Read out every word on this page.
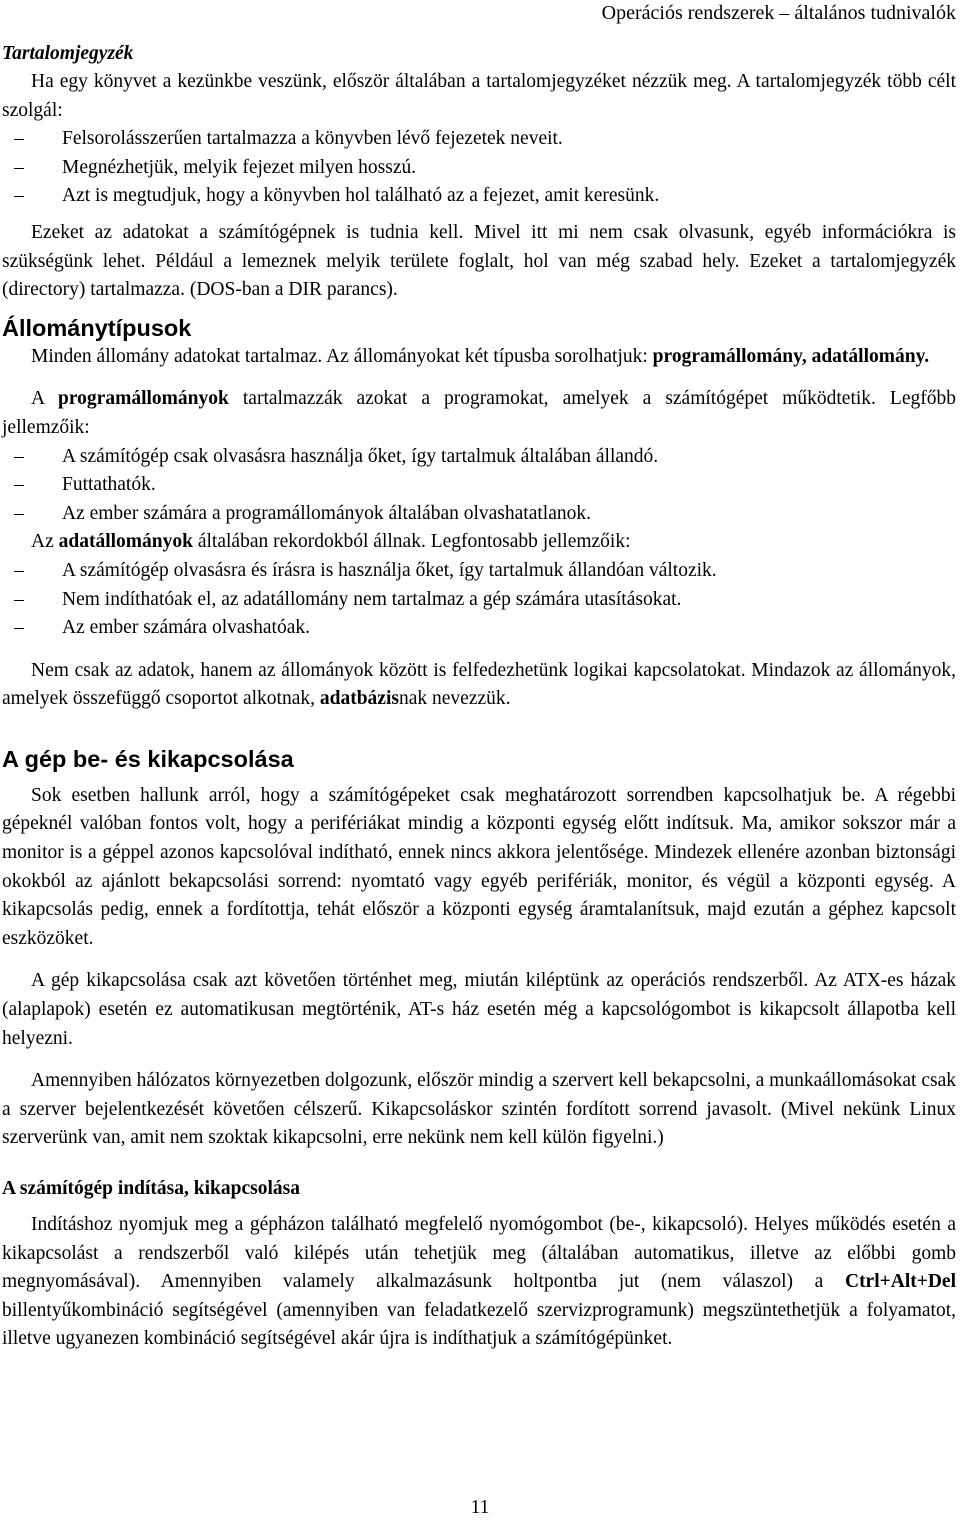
Operációs rendszerek – általános tudnivalók
Tartalomjegyzék

Ha egy könyvet a kezünkbe veszünk, először általában a tartalomjegyzéket nézzük meg. A tartalomjegyzék több célt szolgál:

–	Felsorolásszerűen tartalmazza a könyvben lévő fejezetek neveit.
–	Megnézhetjük, melyik fejezet milyen hosszú.
–	Azt is megtudjuk, hogy a könyvben hol található az a fejezet, amit keresünk.

Ezeket az adatokat a számítógépnek is tudnia kell. Mivel itt mi nem csak olvasunk, egyéb információkra is szükségünk lehet. Például a lemeznek melyik területe foglalt, hol van még szabad hely. Ezeket a tartalomjegyzék (directory) tartalmazza. (DOS-ban a DIR parancs).

Állománytípusok

Minden állomány adatokat tartalmaz. Az állományokat két típusba sorolhatjuk: programállomány, adatállomány.

A programállományok tartalmazzák azokat a programokat, amelyek a számítógépet működtetik. Legfőbb jellemzőik:

–	A számítógép csak olvasásra használja őket, így tartalmuk általában állandó.
–	Futtathatók.
–	Az ember számára a programállományok általában olvashatatlanok.

Az adatállományok általában rekordokból állnak. Legfontosabb jellemzőik:

–	A számítógép olvasásra és írásra is használja őket, így tartalmuk állandóan változik.
–	Nem indíthatóak el, az adatállomány nem tartalmaz a gép számára utasításokat.
–	Az ember számára olvashatóak.

Nem csak az adatok, hanem az állományok között is felfedezhetünk logikai kapcsolatokat. Mindazok az állományok, amelyek összefüggő csoportot alkotnak, adatbázisnak nevezzük.

A gép be- és kikapcsolása

Sok esetben hallunk arról, hogy a számítógépeket csak meghatározott sorrendben kapcsolhatjuk be. A régebbi gépeknél valóban fontos volt, hogy a perifériákat mindig a központi egység előtt indítsuk. Ma, amikor sokszor már a monitor is a géppel azonos kapcsolóval indítható, ennek nincs akkora jelentősége. Mindezek ellenére azonban biztonsági okokból az ajánlott bekapcsolási sorrend: nyomtató vagy egyéb perifériák, monitor, és végül a központi egység. A kikapcsolás pedig, ennek a fordítottja, tehát először a központi egység áramtalanítsuk, majd ezután a géphez kapcsolt eszközöket.

A gép kikapcsolása csak azt követően történhet meg, miután kiléptünk az operációs rendszerből. Az ATX-es házak (alaplapok) esetén ez automatikusan megtörténik, AT-s ház esetén még a kapcsológombot is kikapcsolt állapotba kell helyezni.

Amennyiben hálózatos környezetben dolgozunk, először mindig a szervert kell bekapcsolni, a munkaállomásokat csak a szerver bejelentkezését követően célszerű. Kikapcsoláskor szintén fordított sorrend javasolt. (Mivel nekünk Linux szerverünk van, amit nem szoktak kikapcsolni, erre nekünk nem kell külön figyelni.)

A számítógép indítása, kikapcsolása

Indításhoz nyomjuk meg a gépházon található megfelelő nyomógombot (be-, kikapcsoló). Helyes működés esetén a kikapcsolást a rendszerből való kilépés után tehetjük meg (általában automatikus, illetve az előbbi gomb megnyomásával). Amennyiben valamely alkalmazásunk holtpontba jut (nem válaszol) a Ctrl+Alt+Del billentyűkombináció segítségével (amennyiben van feladatkezelő szervizprogramunk) megszüntethetjük a folyamatot, illetve ugyanezen kombináció segítségével akár újra is indíthatjuk a számítógépünket.

11
